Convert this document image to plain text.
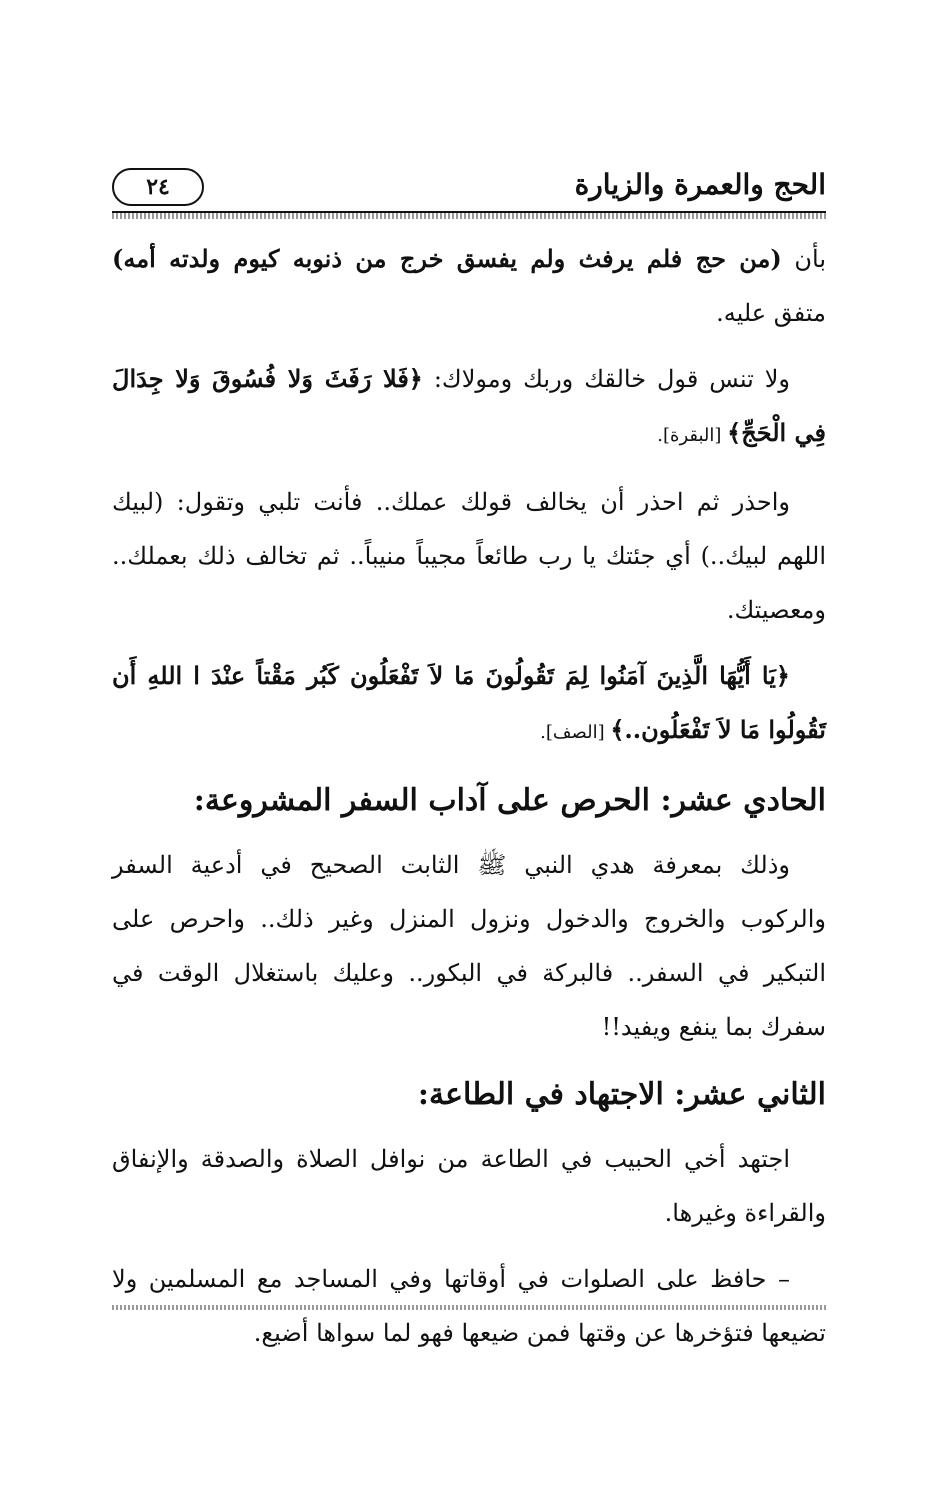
الحج والعمرة والزيارة
٢٤

بأن (من حج فلم يرفث ولم يفسق خرج من ذنوبه كيوم ولدته أمه) متفق عليه.

ولا تنس قول خالقك وربك ومولاك: ﴿فَلا رَفَثَ وَلا فُسُوقَ وَلا جِدَالَ فِي الْحَجِّ﴾ [البقرة].

واحذر ثم احذر أن يخالف قولك عملك.. فأنت تلبي وتقول: (لبيك اللهم لبيك..) أي جئتك يا رب طائعاً مجيباً منيباً.. ثم تخالف ذلك بعملك.. ومعصيتك.

﴿يَا أَيُّهَا الَّذِينَ آمَنُوا لِمَ تَقُولُونَ مَا لاَ تَفْعَلُون كَبُر مَقْتاً عنْدَ ا اللهِ أَن تَقُولُوا مَا لاَ تَفْعَلُون..﴾ [الصف].

الحادي عشر: الحرص على آداب السفر المشروعة:

وذلك بمعرفة هدي النبي ﷺ الثابت الصحيح في أدعية السفر والركوب والخروج والدخول ونزول المنزل وغير ذلك.. واحرص على التبكير في السفر.. فالبركة في البكور.. وعليك باستغلال الوقت في سفرك بما ينفع ويفيد!!

الثاني عشر: الاجتهاد في الطاعة:

اجتهد أخي الحبيب في الطاعة من نوافل الصلاة والصدقة والإنفاق والقراءة وغيرها.

– حافظ على الصلوات في أوقاتها وفي المساجد مع المسلمين ولا تضيعها فتؤخرها عن وقتها فمن ضيعها فهو لما سواها أضيع.
